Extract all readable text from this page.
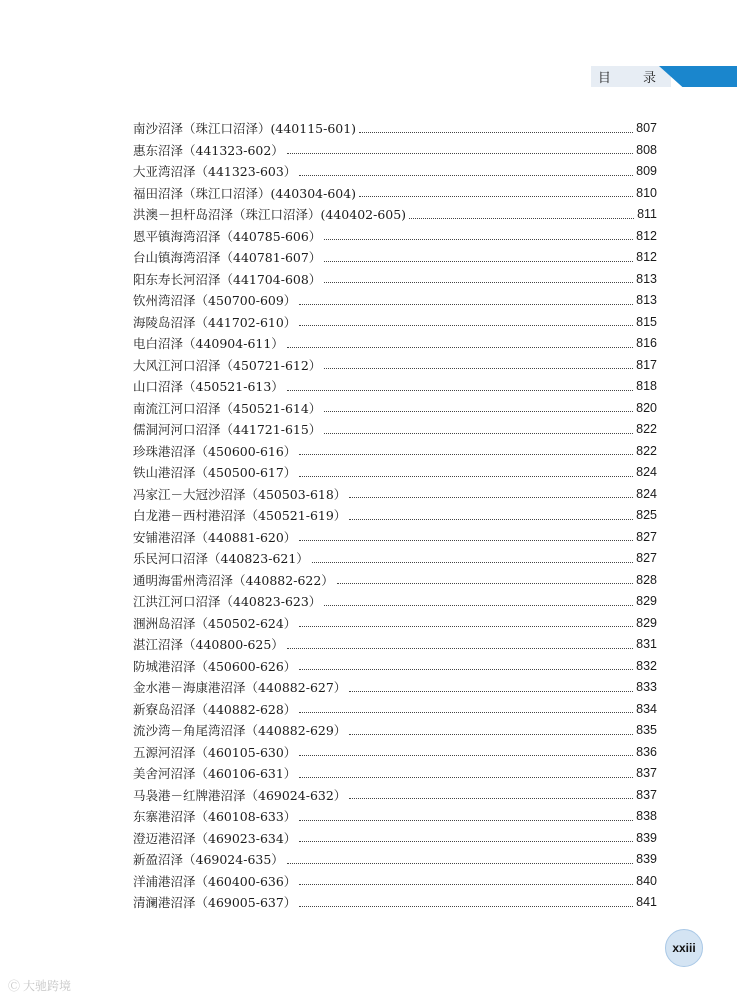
目 录
南沙沼泽（珠江口沼泽）(440115-601)	807
惠东沼泽（441323-602）	808
大亚湾沼泽（441323-603）	809
福田沼泽（珠江口沼泽）(440304-604)	810
洪澳－担杆岛沼泽（珠江口沼泽）(440402-605)	811
恩平镇海湾沼泽（440785-606）	812
台山镇海湾沼泽（440781-607）	812
阳东寿长河沼泽（441704-608）	813
钦州湾沼泽（450700-609）	813
海陵岛沼泽（441702-610）	815
电白沼泽（440904-611）	816
大风江河口沼泽（450721-612）	817
山口沼泽（450521-613）	818
南流江河口沼泽（450521-614）	820
儒洞河河口沼泽（441721-615）	822
珍珠港沼泽（450600-616）	822
铁山港沼泽（450500-617）	824
冯家江－大冠沙沼泽（450503-618）	824
白龙港－西村港沼泽（450521-619）	825
安铺港沼泽（440881-620）	827
乐民河口沼泽（440823-621）	827
通明海雷州湾沼泽（440882-622）	828
江洪江河口沼泽（440823-623）	829
涠洲岛沼泽（450502-624）	829
湛江沼泽（440800-625）	831
防城港沼泽（450600-626）	832
金水港－海康港沼泽（440882-627）	833
新寮岛沼泽（440882-628）	834
流沙湾－角尾湾沼泽（440882-629）	835
五源河沼泽（460105-630）	836
美舍河沼泽（460106-631）	837
马袅港－红牌港沼泽（469024-632）	837
东寨港沼泽（460108-633）	838
澄迈港沼泽（469023-634）	839
新盈沼泽（469024-635）	839
洋浦港沼泽（460400-636）	840
清澜港沼泽（469005-637）	841
xxiii
Ⓒ 大驰跨境
